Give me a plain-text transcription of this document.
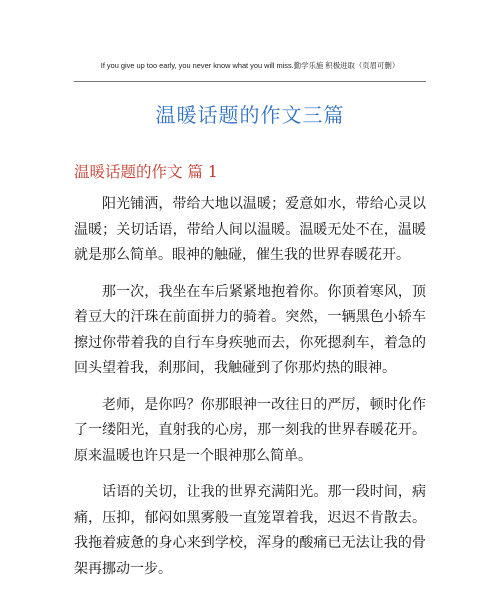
If you give up too early, you never know what you will miss.勤学乐施 积极进取（页眉可删）
温暖话题的作文三篇
温暖话题的作文 篇 1

阳光铺洒，带给大地以温暖；爱意如水，带给心灵以温暖；关切话语，带给人间以温暖。温暖无处不在，温暖就是那么简单。眼神的触碰，催生我的世界春暖花开。

那一次，我坐在车后紧紧地抱着你。你顶着寒风，顶着豆大的汗珠在前面拼力的骑着。突然，一辆黑色小轿车擦过你带着我的自行车身疾驰而去，你死摁刹车，着急的回头望着我，刹那间，我触碰到了你那灼热的眼神。

老师，是你吗？你那眼神一改往日的严厉，顿时化作了一缕阳光，直射我的心房，那一刻我的世界春暖花开。原来温暖也许只是一个眼神那么简单。

话语的关切，让我的世界充满阳光。那一段时间，病痛，压抑，郁闷如黑雾般一直笼罩着我，迟迟不肯散去。我拖着疲惫的身心来到学校，浑身的酸痛已无法让我的骨架再挪动一步。
